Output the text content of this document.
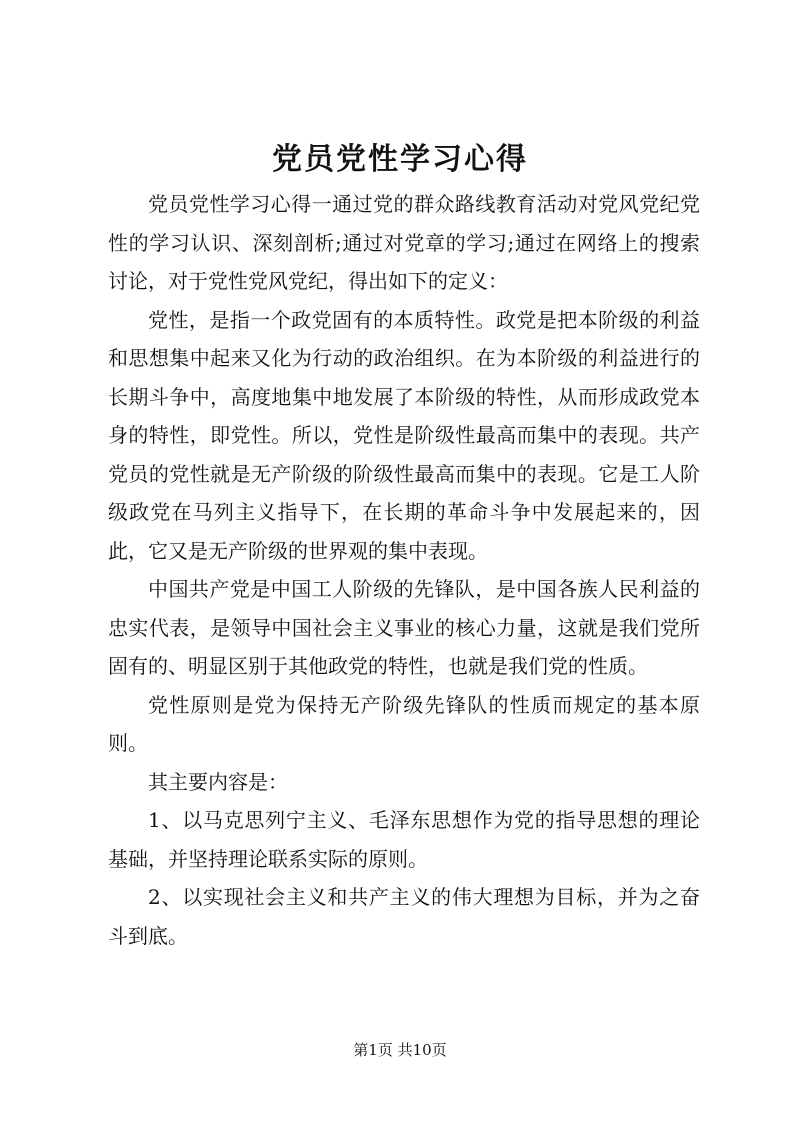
党员党性学习心得

党员党性学习心得一通过党的群众路线教育活动对党风党纪党性的学习认识、深刻剖析;通过对党章的学习;通过在网络上的搜索讨论，对于党性党风党纪，得出如下的定义：

党性，是指一个政党固有的本质特性。政党是把本阶级的利益和思想集中起来又化为行动的政治组织。在为本阶级的利益进行的长期斗争中，高度地集中地发展了本阶级的特性，从而形成政党本身的特性，即党性。所以，党性是阶级性最高而集中的表现。共产党员的党性就是无产阶级的阶级性最高而集中的表现。它是工人阶级政党在马列主义指导下，在长期的革命斗争中发展起来的，因此，它又是无产阶级的世界观的集中表现。

中国共产党是中国工人阶级的先锋队，是中国各族人民利益的忠实代表，是领导中国社会主义事业的核心力量，这就是我们党所固有的、明显区别于其他政党的特性，也就是我们党的性质。

党性原则是党为保持无产阶级先锋队的性质而规定的基本原则。

其主要内容是：

1、以马克思列宁主义、毛泽东思想作为党的指导思想的理论基础，并坚持理论联系实际的原则。

2、以实现社会主义和共产主义的伟大理想为目标，并为之奋斗到底。

第1页 共10页
